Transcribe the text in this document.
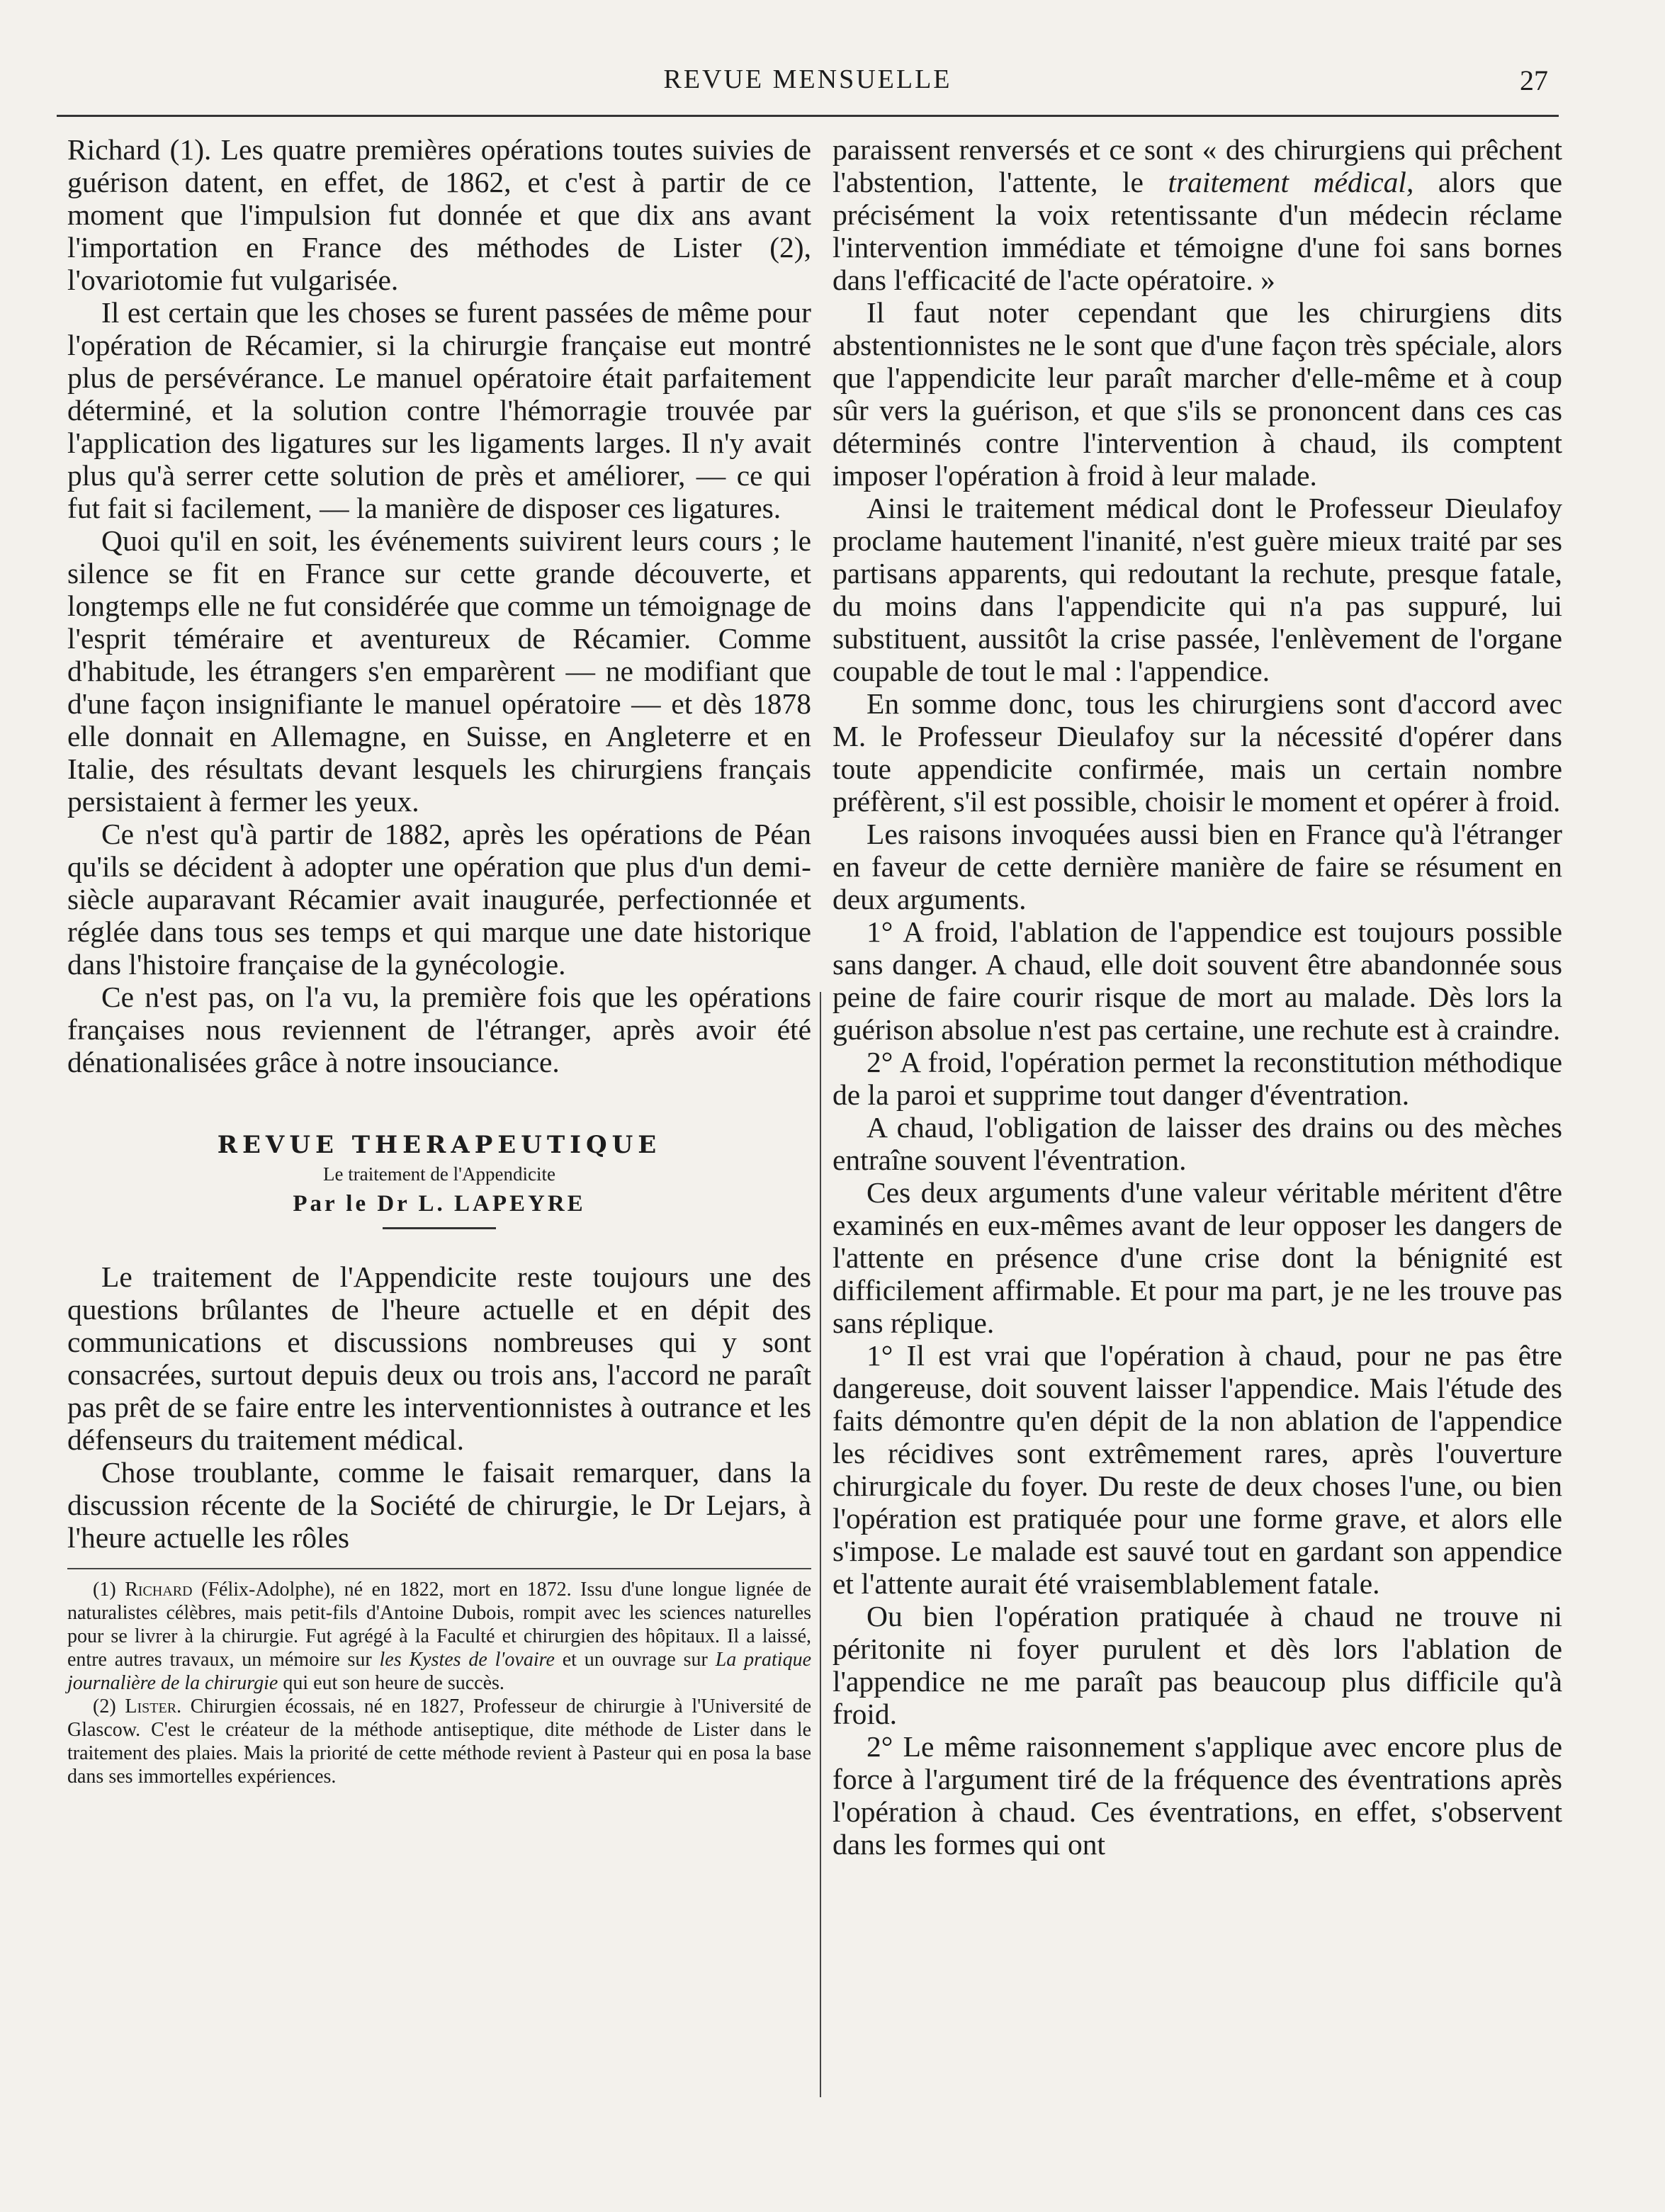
REVUE MENSUELLE	27

Richard (1). Les quatre premières opérations toutes suivies de guérison datent, en effet, de 1862, et c'est à partir de ce moment que l'impulsion fut donnée et que dix ans avant l'importation en France des méthodes de Lister (2), l'ovariotomie fut vulgarisée.

Il est certain que les choses se furent passées de même pour l'opération de Récamier, si la chirurgie française eut montré plus de persévérance. Le manuel opératoire était parfaitement déterminé, et la solution contre l'hémorragie trouvée par l'application des ligatures sur les ligaments larges. Il n'y avait plus qu'à serrer cette solution de près et améliorer, — ce qui fut fait si facilement, — la manière de disposer ces ligatures.

Quoi qu'il en soit, les événements suivirent leurs cours ; le silence se fit en France sur cette grande découverte, et longtemps elle ne fut considérée que comme un témoignage de l'esprit téméraire et aventureux de Récamier. Comme d'habitude, les étrangers s'en emparèrent — ne modifiant que d'une façon insignifiante le manuel opératoire — et dès 1878 elle donnait en Allemagne, en Suisse, en Angleterre et en Italie, des résultats devant lesquels les chirurgiens français persistaient à fermer les yeux.

Ce n'est qu'à partir de 1882, après les opérations de Péan qu'ils se décident à adopter une opération que plus d'un demi-siècle auparavant Récamier avait inaugurée, perfectionnée et réglée dans tous ses temps et qui marque une date historique dans l'histoire française de la gynécologie.

Ce n'est pas, on l'a vu, la première fois que les opérations françaises nous reviennent de l'étranger, après avoir été dénationalisées grâce à notre insouciance.

REVUE THERAPEUTIQUE
Le traitement de l'Appendicite
Par le Dr L. LAPEYRE

Le traitement de l'Appendicite reste toujours une des questions brûlantes de l'heure actuelle et en dépit des communications et discussions nombreuses qui y sont consacrées, surtout depuis deux ou trois ans, l'accord ne paraît pas prêt de se faire entre les interventionnistes à outrance et les défenseurs du traitement médical.

Chose troublante, comme le faisait remarquer, dans la discussion récente de la Société de chirurgie, le Dr Lejars, à l'heure actuelle les rôles

(1) Richard (Félix-Adolphe), né en 1822, mort en 1872. Issu d'une longue lignée de naturalistes célèbres, mais petit-fils d'Antoine Dubois, rompit avec les sciences naturelles pour se livrer à la chirurgie. Fut agrégé à la Faculté et chirurgien des hôpitaux. Il a laissé, entre autres travaux, un mémoire sur les Kystes de l'ovaire et un ouvrage sur La pratique journalière de la chirurgie qui eut son heure de succès.

(2) Lister. Chirurgien écossais, né en 1827, Professeur de chirurgie à l'Université de Glascow. C'est le créateur de la méthode antiseptique, dite méthode de Lister dans le traitement des plaies. Mais la priorité de cette méthode revient à Pasteur qui en posa la base dans ses immortelles expériences.

paraissent renversés et ce sont « des chirurgiens qui prêchent l'abstention, l'attente, le traitement médical, alors que précisément la voix retentissante d'un médecin réclame l'intervention immédiate et témoigne d'une foi sans bornes dans l'efficacité de l'acte opératoire. »

Il faut noter cependant que les chirurgiens dits abstentionnistes ne le sont que d'une façon très spéciale, alors que l'appendicite leur paraît marcher d'elle-même et à coup sûr vers la guérison, et que s'ils se prononcent dans ces cas déterminés contre l'intervention à chaud, ils comptent imposer l'opération à froid à leur malade.

Ainsi le traitement médical dont le Professeur Dieulafoy proclame hautement l'inanité, n'est guère mieux traité par ses partisans apparents, qui redoutant la rechute, presque fatale, du moins dans l'appendicite qui n'a pas suppuré, lui substituent, aussitôt la crise passée, l'enlèvement de l'organe coupable de tout le mal : l'appendice.

En somme donc, tous les chirurgiens sont d'accord avec M. le Professeur Dieulafoy sur la nécessité d'opérer dans toute appendicite confirmée, mais un certain nombre préfèrent, s'il est possible, choisir le moment et opérer à froid.

Les raisons invoquées aussi bien en France qu'à l'étranger en faveur de cette dernière manière de faire se résument en deux arguments.

1° A froid, l'ablation de l'appendice est toujours possible sans danger. A chaud, elle doit souvent être abandonnée sous peine de faire courir risque de mort au malade. Dès lors la guérison absolue n'est pas certaine, une rechute est à craindre.

2° A froid, l'opération permet la reconstitution méthodique de la paroi et supprime tout danger d'éventration.

A chaud, l'obligation de laisser des drains ou des mèches entraîne souvent l'éventration.

Ces deux arguments d'une valeur véritable méritent d'être examinés en eux-mêmes avant de leur opposer les dangers de l'attente en présence d'une crise dont la bénignité est difficilement affirmable. Et pour ma part, je ne les trouve pas sans réplique.

1° Il est vrai que l'opération à chaud, pour ne pas être dangereuse, doit souvent laisser l'appendice. Mais l'étude des faits démontre qu'en dépit de la non ablation de l'appendice les récidives sont extrêmement rares, après l'ouverture chirurgicale du foyer. Du reste de deux choses l'une, ou bien l'opération est pratiquée pour une forme grave, et alors elle s'impose. Le malade est sauvé tout en gardant son appendice et l'attente aurait été vraisemblablement fatale.

Ou bien l'opération pratiquée à chaud ne trouve ni péritonite ni foyer purulent et dès lors l'ablation de l'appendice ne me paraît pas beaucoup plus difficile qu'à froid.

2° Le même raisonnement s'applique avec encore plus de force à l'argument tiré de la fréquence des éventrations après l'opération à chaud. Ces éventrations, en effet, s'observent dans les formes qui ont
